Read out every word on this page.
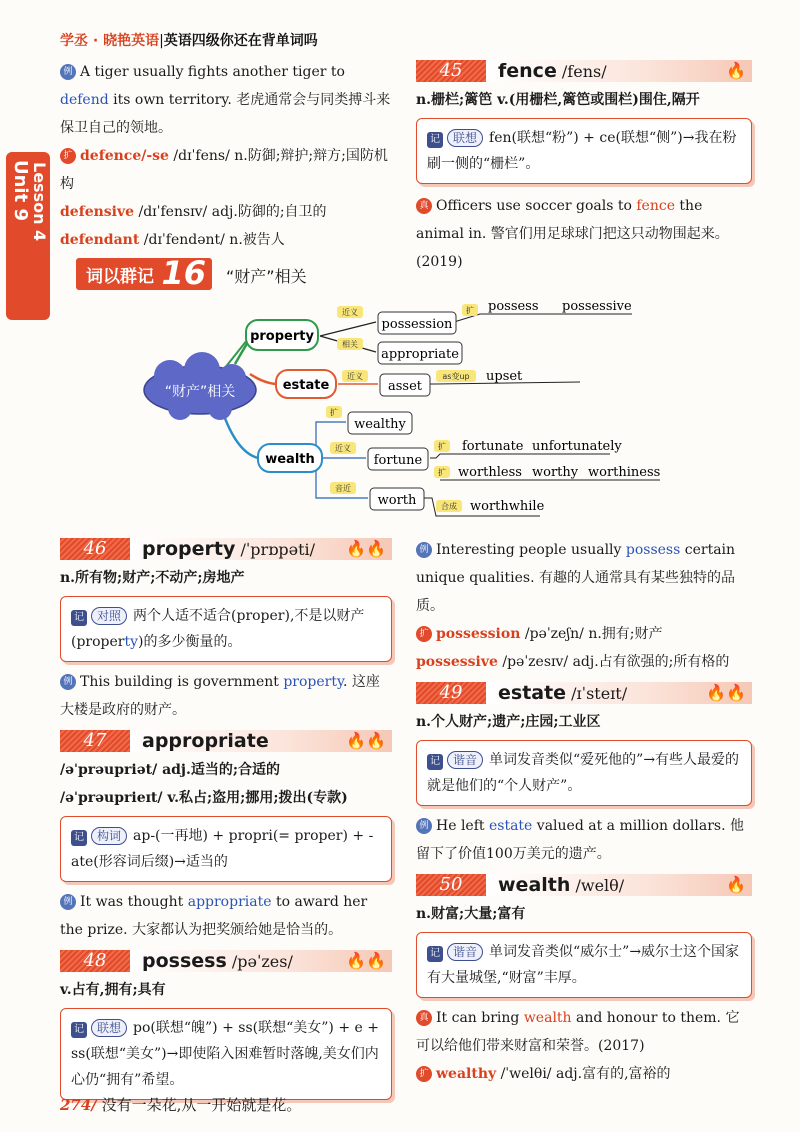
学丞 · 晓艳英语|英语四级你还在背单词吗
Unit 9 Lesson 4

例 A tiger usually fights another tiger to defend its own territory. 老虎通常会与同类搏斗来保卫自己的领地。

扩 defence/-se /dɪˈfens/ n.防御;辩护;辩方;国防机构

defensive /dɪˈfensɪv/ adj.防御的;自卫的

defendant /dɪˈfendənt/ n.被告人

45	fence /fens/	🔥

n.栅栏;篱笆 v.(用栅栏,篱笆或围栏)围住,隔开

记 联想 fen(联想“粉”) + ce(联想“侧”)→我在粉刷一侧的“栅栏”。

真 Officers use soccer goals to fence the animal in. 警官们用足球球门把这只动物围起来。(2019)

词以群记 16 “财产”相关
“财产”相关
property
estate
wealth
possession
appropriate
asset
wealthy
fortune
worth
possess possessive
upset
fortunate unfortunately
worthless worthy worthiness
worthwhile
近义
相关
扩
近义	as变up
扩
近义	扩
扩
音近
合成
46	property /ˈprɒpəti/ 🔥🔥

n.所有物;财产;不动产;房地产

记 对照 两个人适不适合(proper),不是以财产(property)的多少衡量的。

例 This building is government property. 这座大楼是政府的财产。

47	appropriate	🔥🔥

/əˈprəupriət/ adj.适当的;合适的

/əˈprəuprieɪt/ v.私占;盗用;挪用;拨出(专款)

记 构词 ap-(一再地) + propri(= proper) + -ate(形容词后缀)→适当的

例 It was thought appropriate to award her the prize. 大家都认为把奖颁给她是恰当的。

48	possess /pəˈzes/	🔥🔥

v.占有,拥有;具有

记 联想 po(联想“魄”) + ss(联想“美女”) + e + ss(联想“美女”)→即使陷入困难暂时落魄,美女们内心仍“拥有”希望。

例 Interesting people usually possess certain unique qualities. 有趣的人通常具有某些独特的品质。

扩 possession /pəˈzeʃn/ n.拥有;财产

possessive /pəˈzesɪv/ adj.占有欲强的;所有格的

49	estate /ɪˈsteɪt/	🔥🔥

n.个人财产;遗产;庄园;工业区

记 谐音 单词发音类似“爱死他的”→有些人最爱的就是他们的“个人财产”。

例 He left estate valued at a million dollars. 他留下了价值100万美元的遗产。

50	wealth /welθ/	🔥

n.财富;大量;富有

记 谐音 单词发音类似“威尔士”→威尔士这个国家有大量城堡,“财富”丰厚。

真 It can bring wealth and honour to them. 它可以给他们带来财富和荣誉。(2017)

扩 wealthy /ˈwelθi/ adj.富有的,富裕的

274/ 没有一朵花,从一开始就是花。
